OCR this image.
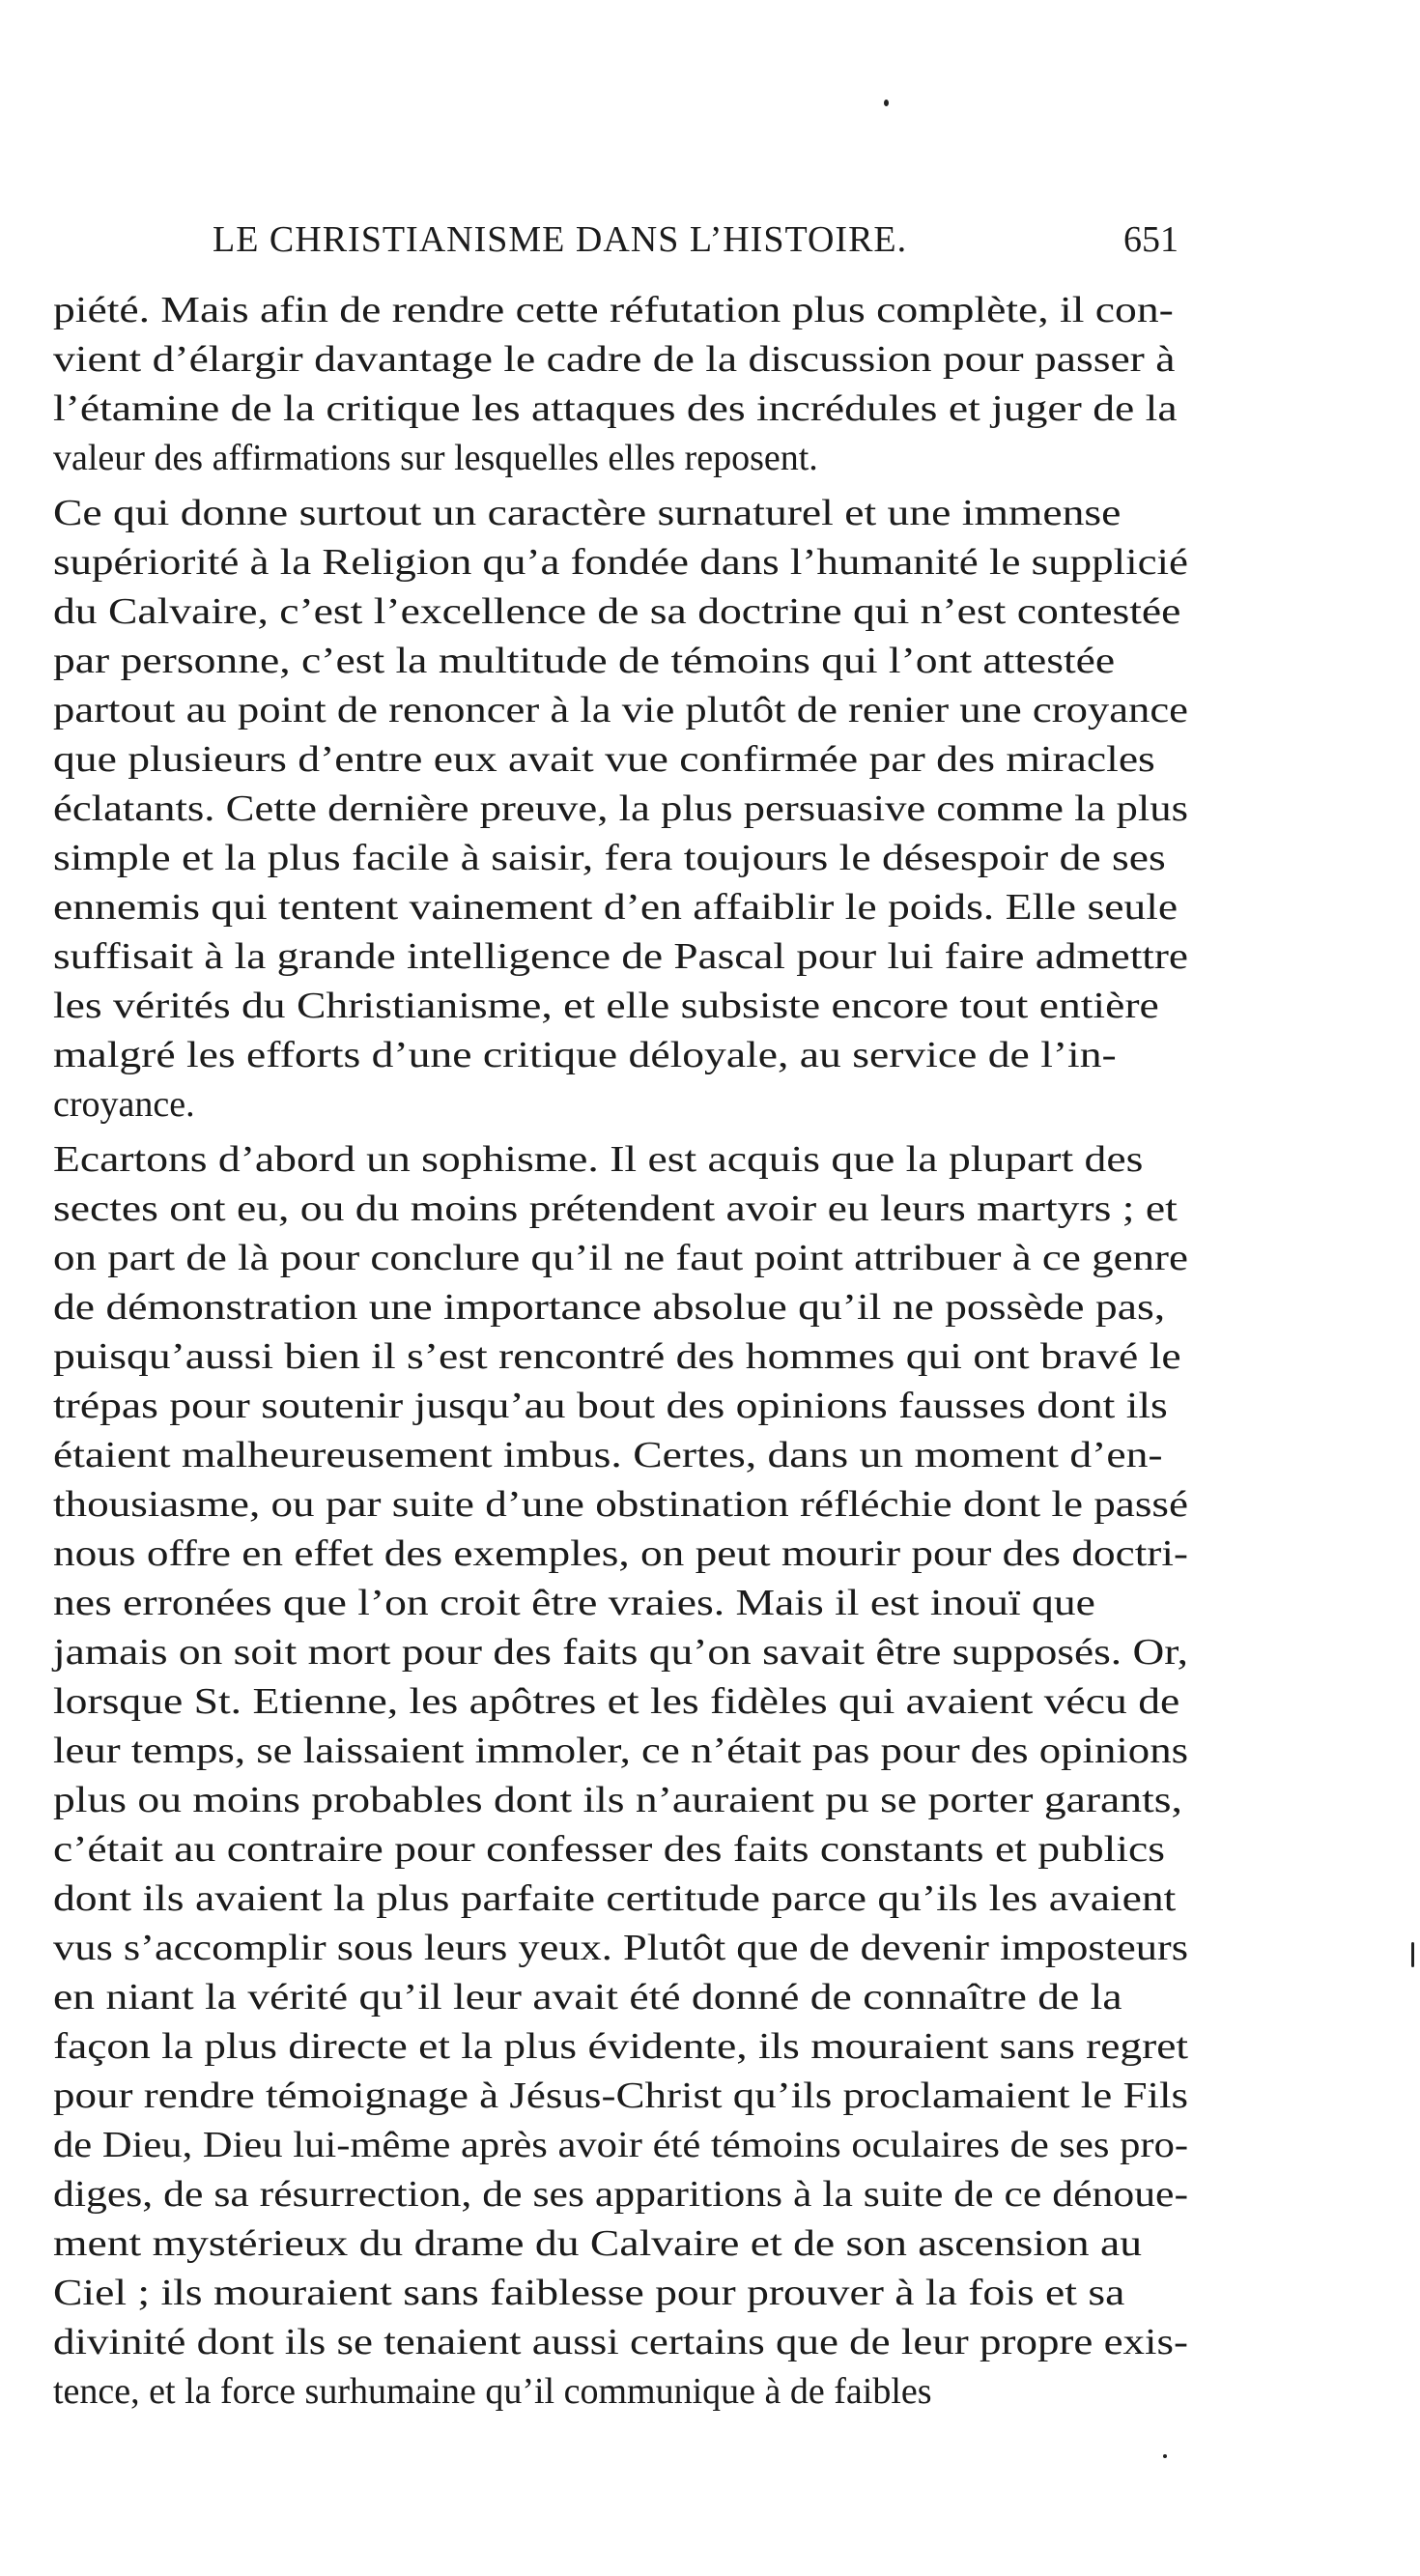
LE CHRISTIANISME DANS L’HISTOIRE.	651
piété. Mais afin de rendre cette réfutation plus complète, il con-
vient d’élargir davantage le cadre de la discussion pour passer à
l’étamine de la critique les attaques des incrédules et juger de la
valeur des affirmations sur lesquelles elles reposent.
Ce qui donne surtout un caractère surnaturel et une immense
supériorité à la Religion qu’a fondée dans l’humanité le supplicié
du Calvaire, c’est l’excellence de sa doctrine qui n’est contestée
par personne, c’est la multitude de témoins qui l’ont attestée
partout au point de renoncer à la vie plutôt de renier une croyance
que plusieurs d’entre eux avait vue confirmée par des miracles
éclatants. Cette dernière preuve, la plus persuasive comme la plus
simple et la plus facile à saisir, fera toujours le désespoir de ses
ennemis qui tentent vainement d’en affaiblir le poids. Elle seule
suffisait à la grande intelligence de Pascal pour lui faire admettre
les vérités du Christianisme, et elle subsiste encore tout entière
malgré les efforts d’une critique déloyale, au service de l’in-
croyance.
Ecartons d’abord un sophisme. Il est acquis que la plupart des
sectes ont eu, ou du moins prétendent avoir eu leurs martyrs ; et
on part de là pour conclure qu’il ne faut point attribuer à ce genre
de démonstration une importance absolue qu’il ne possède pas,
puisqu’aussi bien il s’est rencontré des hommes qui ont bravé le
trépas pour soutenir jusqu’au bout des opinions fausses dont ils
étaient malheureusement imbus. Certes, dans un moment d’en-
thousiasme, ou par suite d’une obstination réfléchie dont le passé
nous offre en effet des exemples, on peut mourir pour des doctri-
nes erronées que l’on croit être vraies. Mais il est inouï que
jamais on soit mort pour des faits qu’on savait être supposés. Or,
lorsque St. Etienne, les apôtres et les fidèles qui avaient vécu de
leur temps, se laissaient immoler, ce n’était pas pour des opinions
plus ou moins probables dont ils n’auraient pu se porter garants,
c’était au contraire pour confesser des faits constants et publics
dont ils avaient la plus parfaite certitude parce qu’ils les avaient
vus s’accomplir sous leurs yeux. Plutôt que de devenir imposteurs
en niant la vérité qu’il leur avait été donné de connaître de la
façon la plus directe et la plus évidente, ils mouraient sans regret
pour rendre témoignage à Jésus-Christ qu’ils proclamaient le Fils
de Dieu, Dieu lui-même après avoir été témoins oculaires de ses pro-
diges, de sa résurrection, de ses apparitions à la suite de ce dénoue-
ment mystérieux du drame du Calvaire et de son ascension au
Ciel ; ils mouraient sans faiblesse pour prouver à la fois et sa
divinité dont ils se tenaient aussi certains que de leur propre exis-
tence, et la force surhumaine qu’il communique à de faibles
